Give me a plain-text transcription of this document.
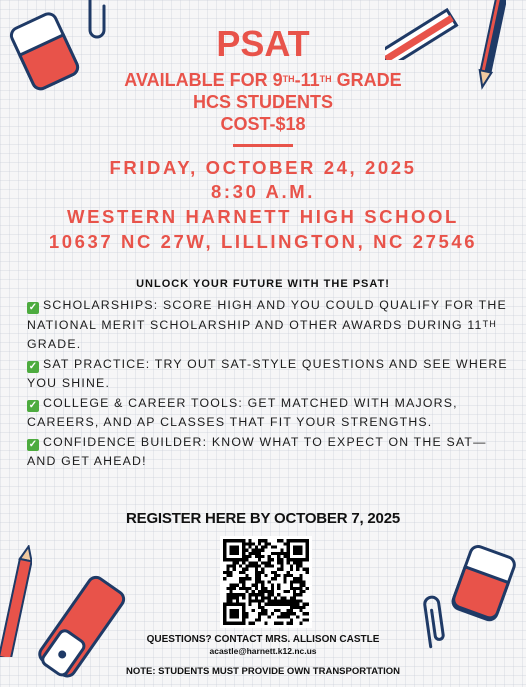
PSAT
AVAILABLE FOR 9TH-11TH GRADE
HCS STUDENTS
COST-$18
FRIDAY, OCTOBER 24, 2025
8:30 A.M.
WESTERN HARNETT HIGH SCHOOL
10637 NC 27W, LILLINGTON, NC 27546
UNLOCK YOUR FUTURE WITH THE PSAT!
✓ SCHOLARSHIPS: SCORE HIGH AND YOU COULD QUALIFY FOR THE NATIONAL MERIT SCHOLARSHIP AND OTHER AWARDS DURING 11TH GRADE.
✓ SAT PRACTICE: TRY OUT SAT-STYLE QUESTIONS AND SEE WHERE YOU SHINE.
✓ COLLEGE & CAREER TOOLS: GET MATCHED WITH MAJORS, CAREERS, AND AP CLASSES THAT FIT YOUR STRENGTHS.
✓ CONFIDENCE BUILDER: KNOW WHAT TO EXPECT ON THE SAT—AND GET AHEAD!
REGISTER HERE BY OCTOBER 7, 2025
QUESTIONS? CONTACT MRS. ALLISON CASTLE
acastle@harnett.k12.nc.us
NOTE: STUDENTS MUST PROVIDE OWN TRANSPORTATION
